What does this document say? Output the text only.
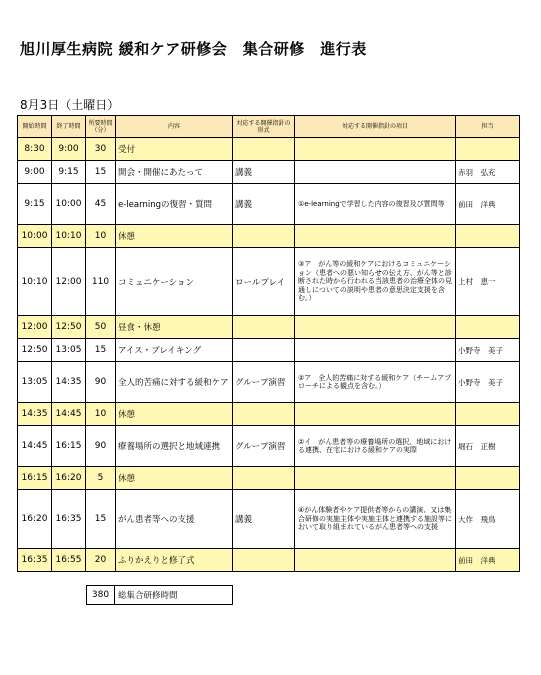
旭川厚生病院 緩和ケア研修会　集合研修　進行表
8月3日（土曜日）
開始時間	終了時間	所要時間（分）	内容	対応する開催指針の形式	対応する開催指針の項目	担当
8:30	9:00	30	受付			
9:00	9:15	15	開会・開催にあたって	講義		赤羽　弘充
9:15	10:00	45	e-learningの復習・質問	講義	①e-learningで学習した内容の復習及び質問等	前田　洋典
10:00	10:10	10	休憩			
10:10	12:00	110	コミュニケーション	ロールプレイ	③ア　がん等の緩和ケアにおけるコミュニケーション（患者への悪い知らせの伝え方、がん等と診断された時から行われる当該患者の治療全体の見通しについての説明や患者の意思決定支援を含む。）	上村　恵一
12:00	12:50	50	昼食・休憩			
12:50	13:05	15	アイス・ブレイキング			小野寺　美子
13:05	14:35	90	全人的苦痛に対する緩和ケア	グループ演習	②ア　全人的苦痛に対する緩和ケア（チームアプローチによる観点を含む。）	小野寺　美子
14:35	14:45	10	休憩			
14:45	16:15	90	療養場所の選択と地域連携	グループ演習	②イ　がん患者等の療養場所の選択、地域における連携、在宅における緩和ケアの実際	堀石　正樹
16:15	16:20	5	休憩			
16:20	16:35	15	がん患者等への支援	講義	④がん体験者やケア提供者等からの講演、又は集合研修の実施主体や実施主体と連携する施設等において取り組まれているがん患者等への支援	大作　飛鳥
16:35	16:55	20	ふりかえりと修了式			前田　洋典
380	総集合研修時間
